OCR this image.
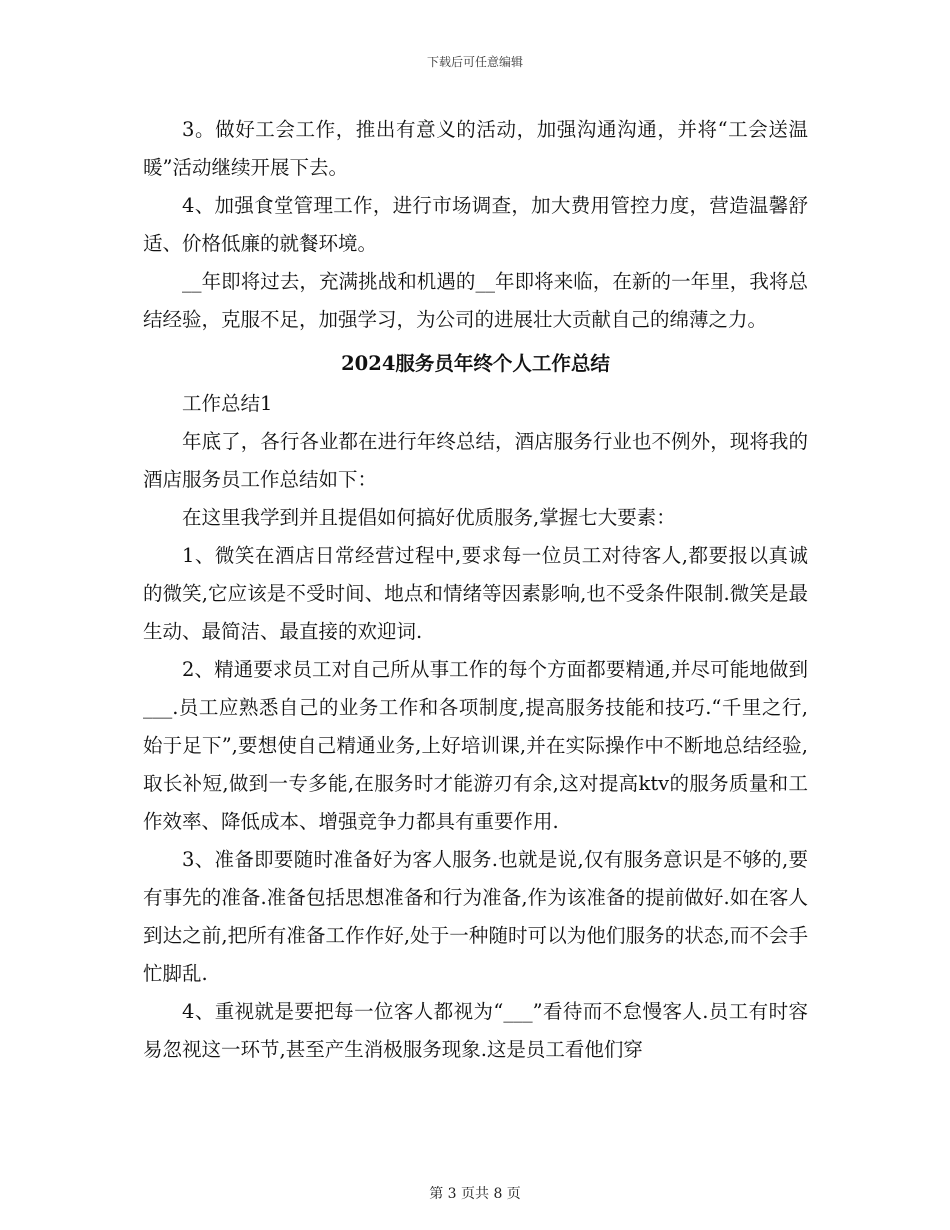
下载后可任意编辑

3。做好工会工作，推出有意义的活动，加强沟通沟通，并将“工会送温暖”活动继续开展下去。

4、加强食堂管理工作，进行市场调查，加大费用管控力度，营造温馨舒适、价格低廉的就餐环境。

__年即将过去，充满挑战和机遇的__年即将来临，在新的一年里，我将总结经验，克服不足，加强学习，为公司的进展壮大贡献自己的绵薄之力。

2024服务员年终个人工作总结

工作总结1

年底了，各行各业都在进行年终总结，酒店服务行业也不例外，现将我的酒店服务员工作总结如下：

在这里我学到并且提倡如何搞好优质服务,掌握七大要素：

1、微笑在酒店日常经营过程中,要求每一位员工对待客人,都要报以真诚的微笑,它应该是不受时间、地点和情绪等因素影响,也不受条件限制.微笑是最生动、最简洁、最直接的欢迎词.

2、精通要求员工对自己所从事工作的每个方面都要精通,并尽可能地做到___.员工应熟悉自己的业务工作和各项制度,提高服务技能和技巧.“千里之行,始于足下”,要想使自己精通业务,上好培训课,并在实际操作中不断地总结经验,取长补短,做到一专多能,在服务时才能游刃有余,这对提高ktv的服务质量和工作效率、降低成本、增强竞争力都具有重要作用.

3、准备即要随时准备好为客人服务.也就是说,仅有服务意识是不够的,要有事先的准备.准备包括思想准备和行为准备,作为该准备的提前做好.如在客人到达之前,把所有准备工作作好,处于一种随时可以为他们服务的状态,而不会手忙脚乱.

4、重视就是要把每一位客人都视为“___”看待而不怠慢客人.员工有时容易忽视这一环节,甚至产生消极服务现象.这是员工看他们穿

第 3 页共 8 页
